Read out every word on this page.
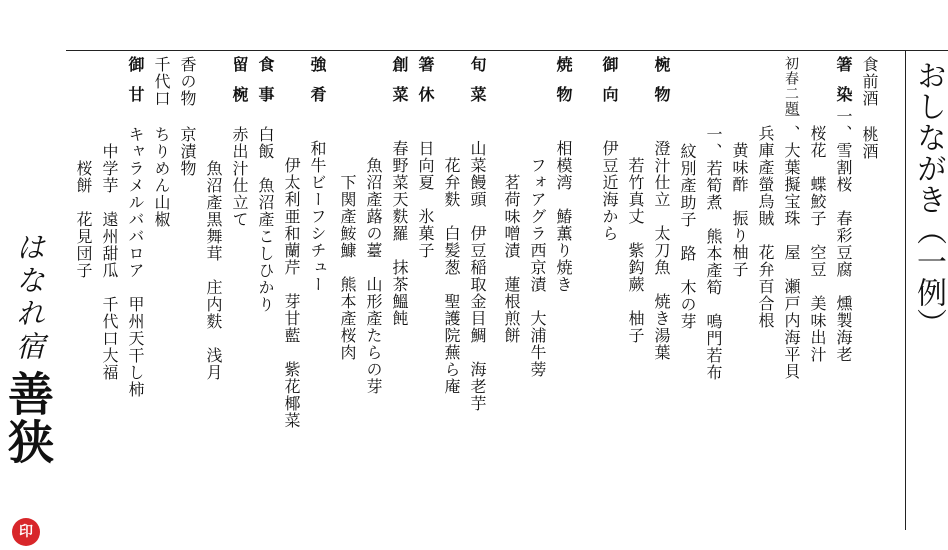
おしながき（一例）
食前酒
桃酒
箸染
一、雪割桜　春彩豆腐　燻製海老
　桜花　蝶鮫子　空豆　美味出汁
初春二題
一、大葉擬宝珠　屋　瀬戸内海平貝
　兵庫產螢烏賊　花弁百合根
　　黄味酢　振り柚子
一、若筍煮　熊本產筍　鳴門若布
　紋別產助子　路　木の芽
椀物
澄汁仕立　太刀魚　焼き湯葉
　若竹真丈　紫鈎蕨　柚子
御向
伊豆近海から
焼物
相模湾　鰆薫り焼き
　フォアグラ西京漬　大浦牛蒡
　　茗荷味噌漬　蓮根煎餅
旬菜
山菜饅頭　伊豆稲取金目鯛　海老芋
　花弁麩　白髪葱　聖護院蕪ら庵
箸休
日向夏　氷菓子
創菜
春野菜天麩羅　抹茶鰮飩
　魚沼產蕗の薹　山形產たらの芽
　　下関產鮟鱇　熊本產桜肉
強肴
和牛ビーフシチュー
　伊太利亜和蘭芹　芽甘藍　紫花椰菜
食事
白飯　魚沼產こしひかり
留椀
赤出汁仕立て
　　魚沼產黒舞茸　庄内麩　浅月
香の物
京漬物
千代口
ちりめん山椒
御甘
キャラメルババロア　甲州天干し柿
　中学芋　遠州甜瓜　千代口大福
　　桜餅　花見団子
はなれ宿
善狭
印
